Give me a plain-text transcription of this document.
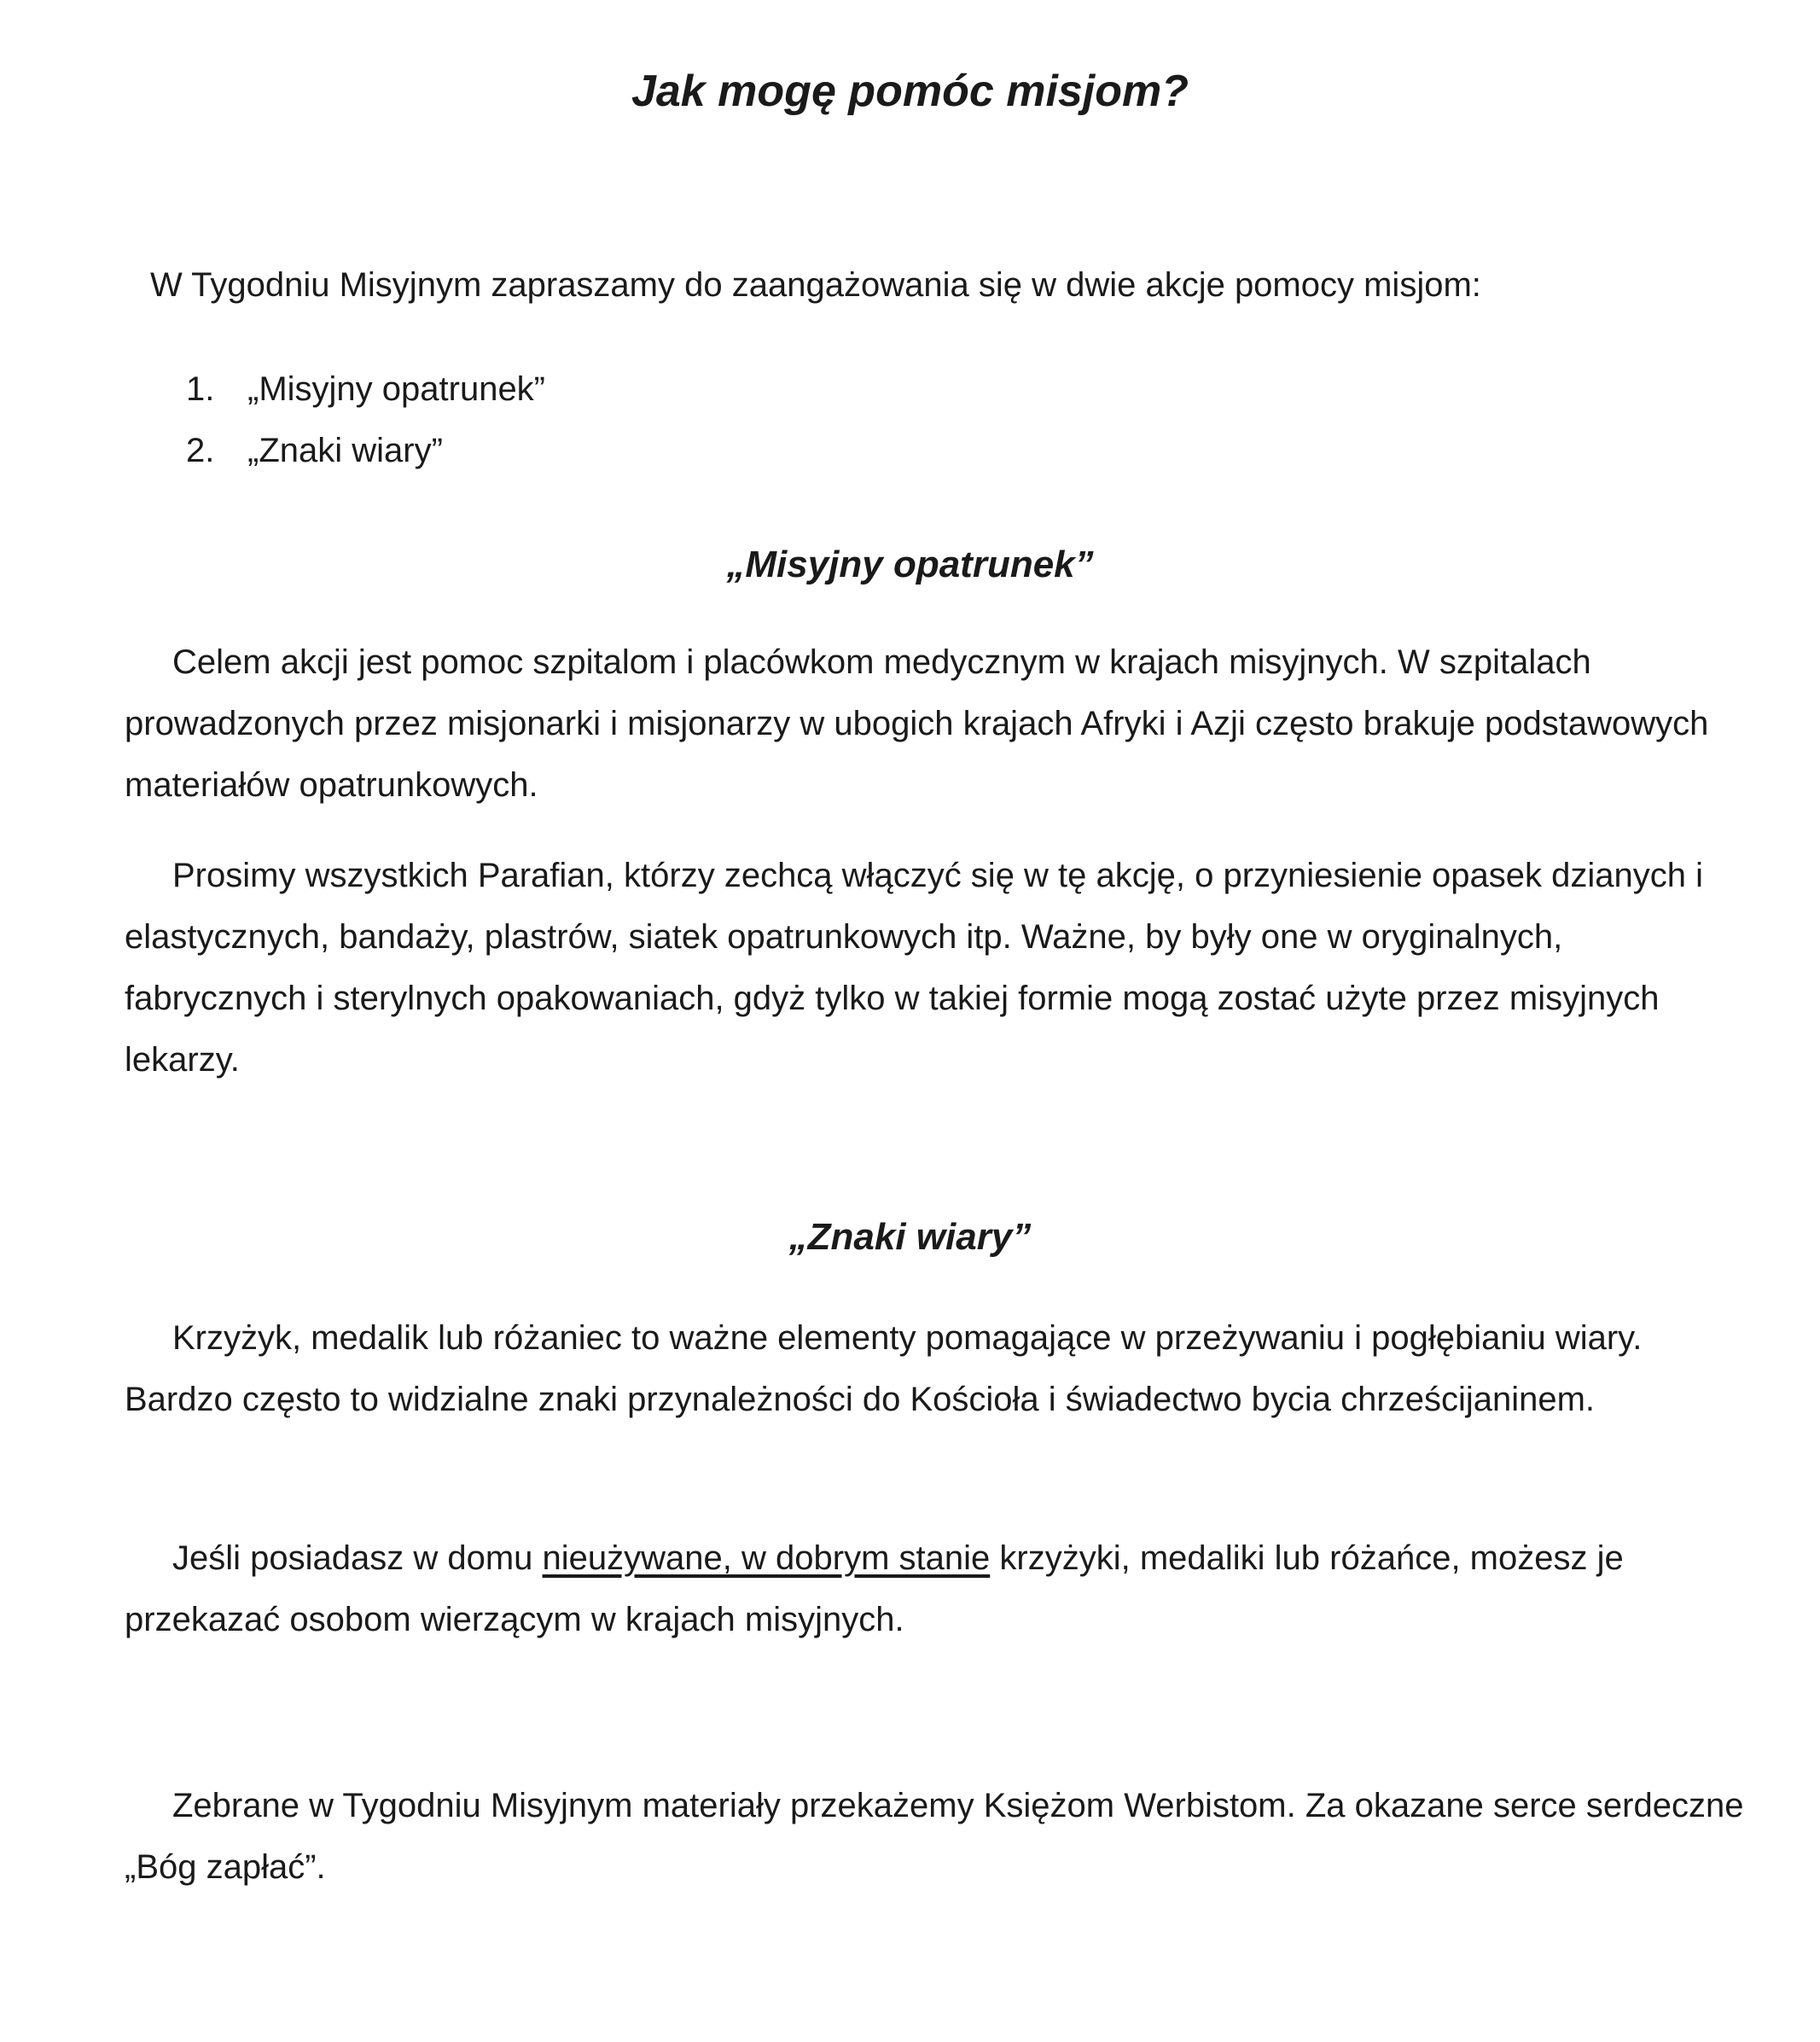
Jak mogę pomóc misjom?
W Tygodniu Misyjnym zapraszamy do zaangażowania się w dwie akcje pomocy misjom:
1. „Misyjny opatrunek”
2. „Znaki wiary”
„Misyjny opatrunek”

Celem akcji jest pomoc szpitalom i placówkom medycznym w krajach misyjnych. W szpitalach prowadzonych przez misjonarki i misjonarzy w ubogich krajach Afryki i Azji często brakuje podstawowych materiałów opatrunkowych.

Prosimy wszystkich Parafian, którzy zechcą włączyć się w tę akcję, o przyniesienie opasek dzianych i elastycznych, bandaży, plastrów, siatek opatrunkowych itp. Ważne, by były one w oryginalnych, fabrycznych i sterylnych opakowaniach, gdyż tylko w takiej formie mogą zostać użyte przez misyjnych lekarzy.

„Znaki wiary”

Krzyżyk, medalik lub różaniec to ważne elementy pomagające w przeżywaniu i pogłębianiu wiary. Bardzo często to widzialne znaki przynależności do Kościoła i świadectwo bycia chrześcijaninem.

Jeśli posiadasz w domu nieużywane, w dobrym stanie krzyżyki, medaliki lub różańce, możesz je przekazać osobom wierzącym w krajach misyjnych.

Zebrane w Tygodniu Misyjnym materiały przekażemy Księżom Werbistom. Za okazane serce serdeczne „Bóg zapłać”.
